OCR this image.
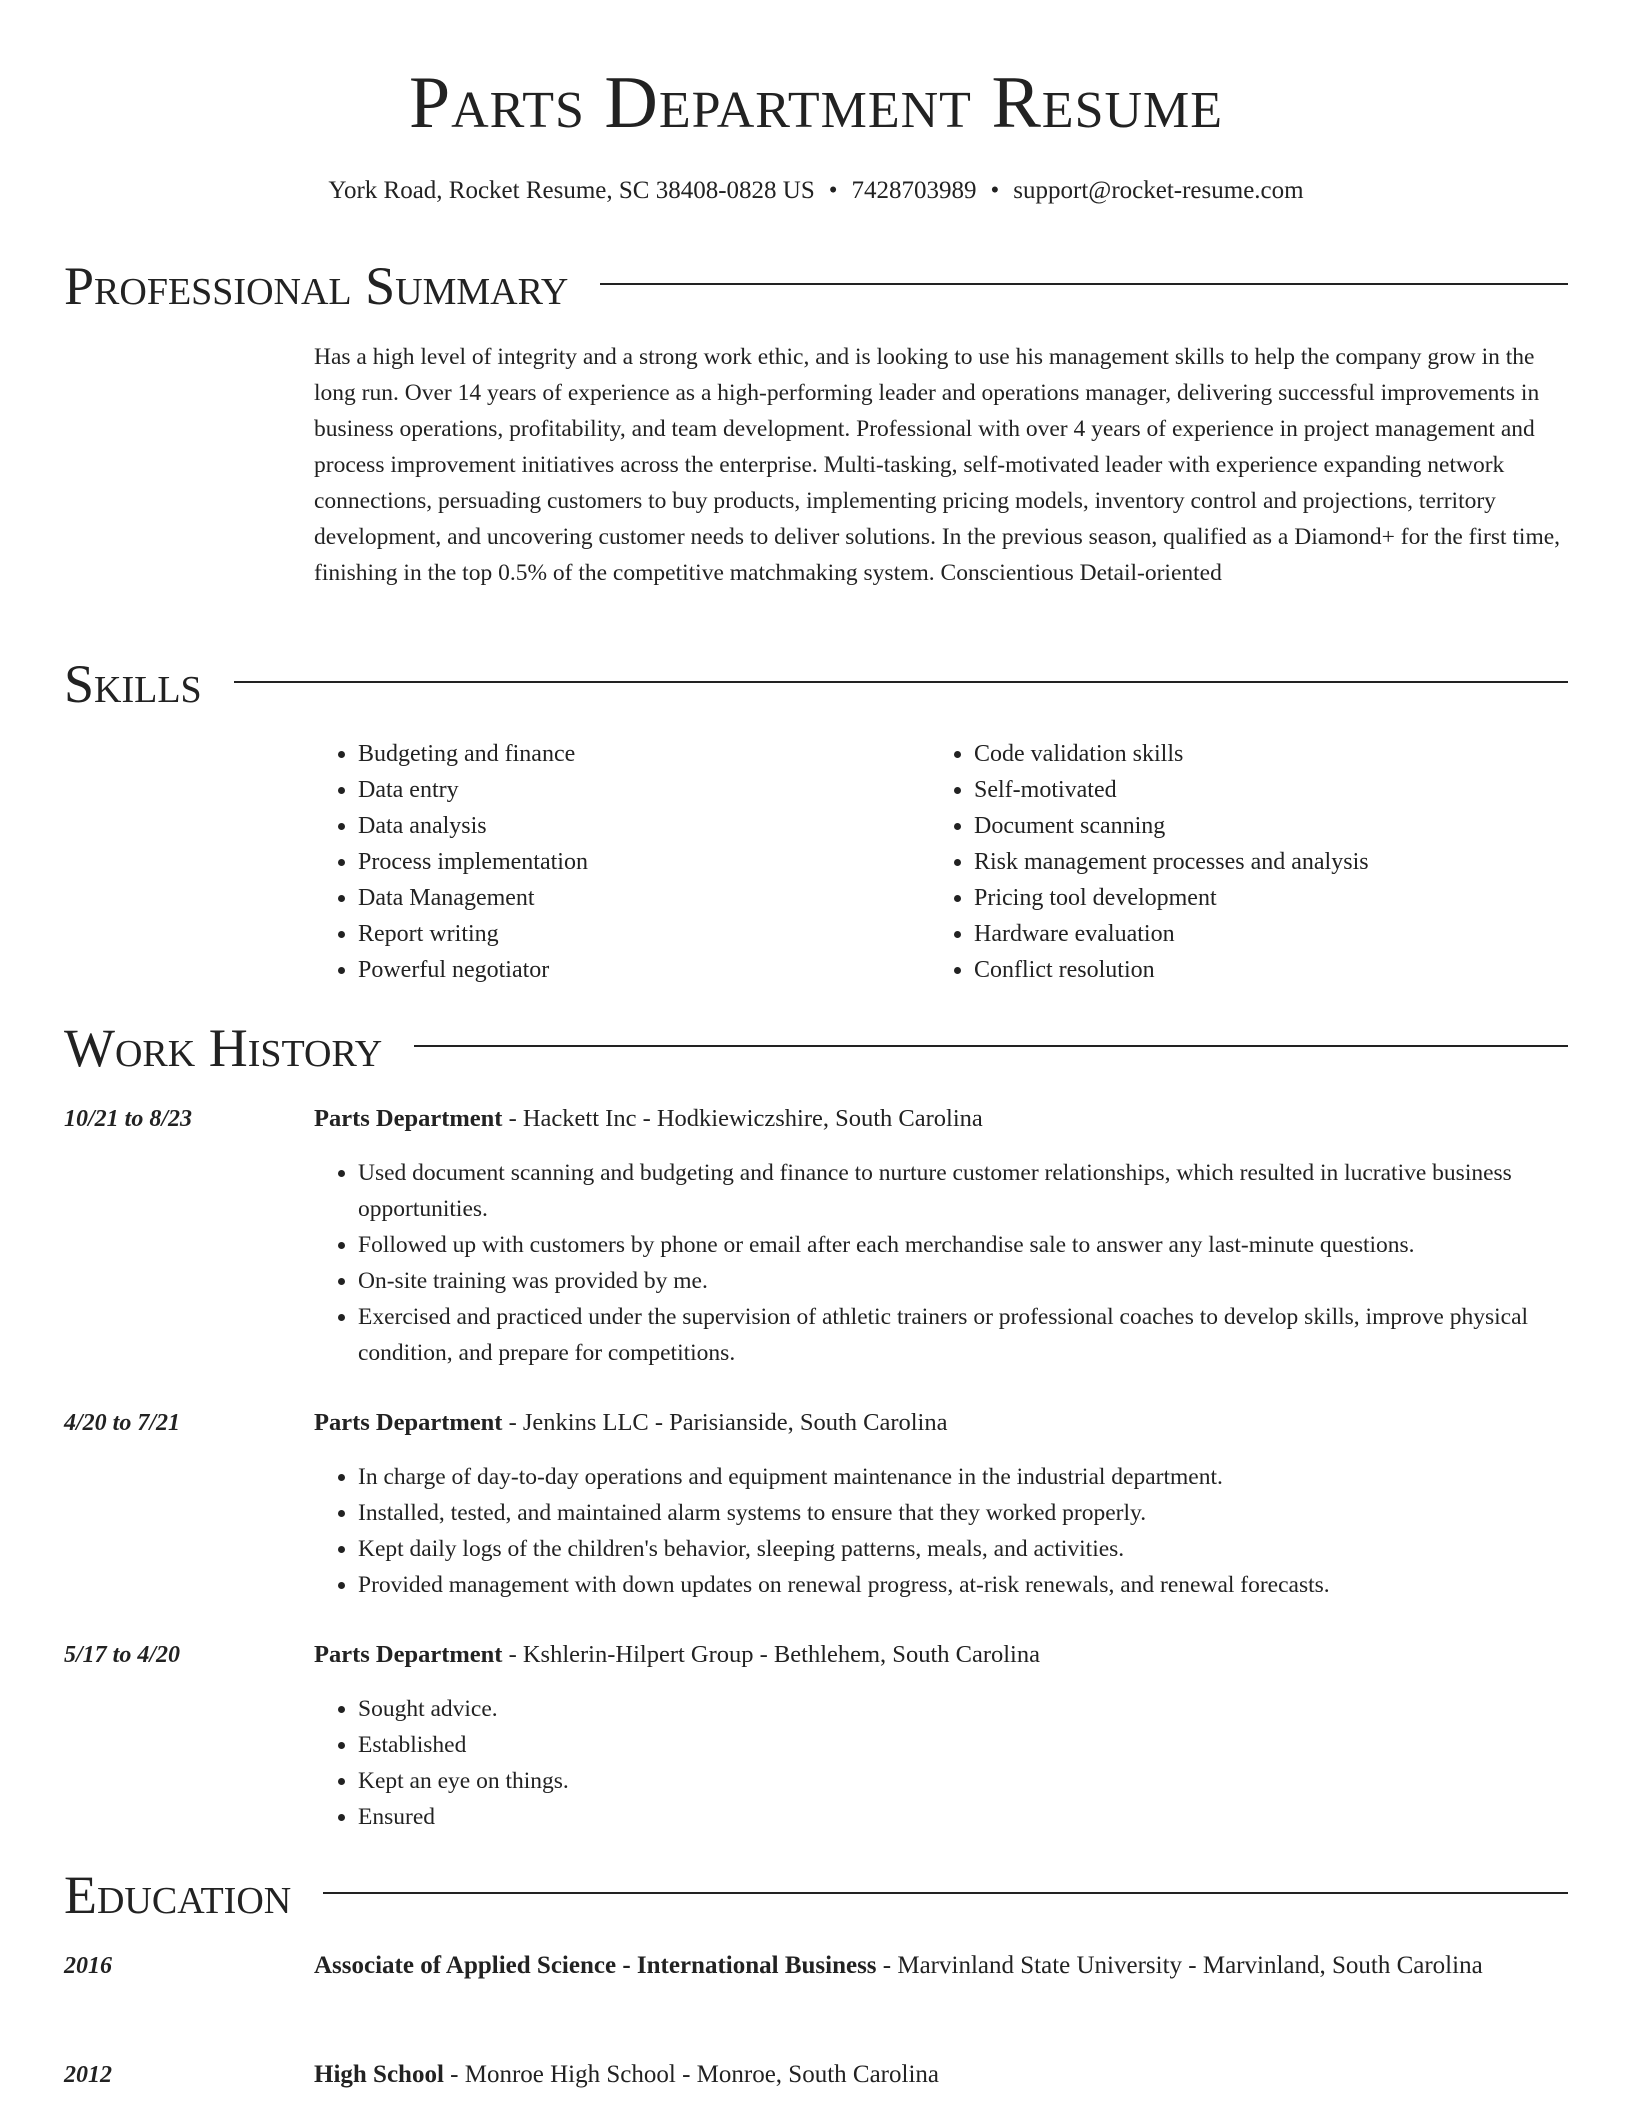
Parts Department Resume
York Road, Rocket Resume, SC 38408-0828 US • 7428703989 • support@rocket-resume.com
Professional Summary
Has a high level of integrity and a strong work ethic, and is looking to use his management skills to help the company grow in the long run. Over 14 years of experience as a high-performing leader and operations manager, delivering successful improvements in business operations, profitability, and team development. Professional with over 4 years of experience in project management and process improvement initiatives across the enterprise. Multi-tasking, self-motivated leader with experience expanding network connections, persuading customers to buy products, implementing pricing models, inventory control and projections, territory development, and uncovering customer needs to deliver solutions. In the previous season, qualified as a Diamond+ for the first time, finishing in the top 0.5% of the competitive matchmaking system. Conscientious Detail-oriented
Skills
• Budgeting and finance
• Data entry
• Data analysis
• Process implementation
• Data Management
• Report writing
• Powerful negotiator
• Code validation skills
• Self-motivated
• Document scanning
• Risk management processes and analysis
• Pricing tool development
• Hardware evaluation
• Conflict resolution
Work History
10/21 to 8/23	Parts Department - Hackett Inc - Hodkiewiczshire, South Carolina
• Used document scanning and budgeting and finance to nurture customer relationships, which resulted in lucrative business opportunities.
• Followed up with customers by phone or email after each merchandise sale to answer any last-minute questions.
• On-site training was provided by me.
• Exercised and practiced under the supervision of athletic trainers or professional coaches to develop skills, improve physical condition, and prepare for competitions.
4/20 to 7/21	Parts Department - Jenkins LLC - Parisianside, South Carolina
• In charge of day-to-day operations and equipment maintenance in the industrial department.
• Installed, tested, and maintained alarm systems to ensure that they worked properly.
• Kept daily logs of the children's behavior, sleeping patterns, meals, and activities.
• Provided management with down updates on renewal progress, at-risk renewals, and renewal forecasts.
5/17 to 4/20	Parts Department - Kshlerin-Hilpert Group - Bethlehem, South Carolina
• Sought advice.
• Established
• Kept an eye on things.
• Ensured
Education
2016	Associate of Applied Science - International Business - Marvinland State University - Marvinland, South Carolina
2012	High School - Monroe High School - Monroe, South Carolina
